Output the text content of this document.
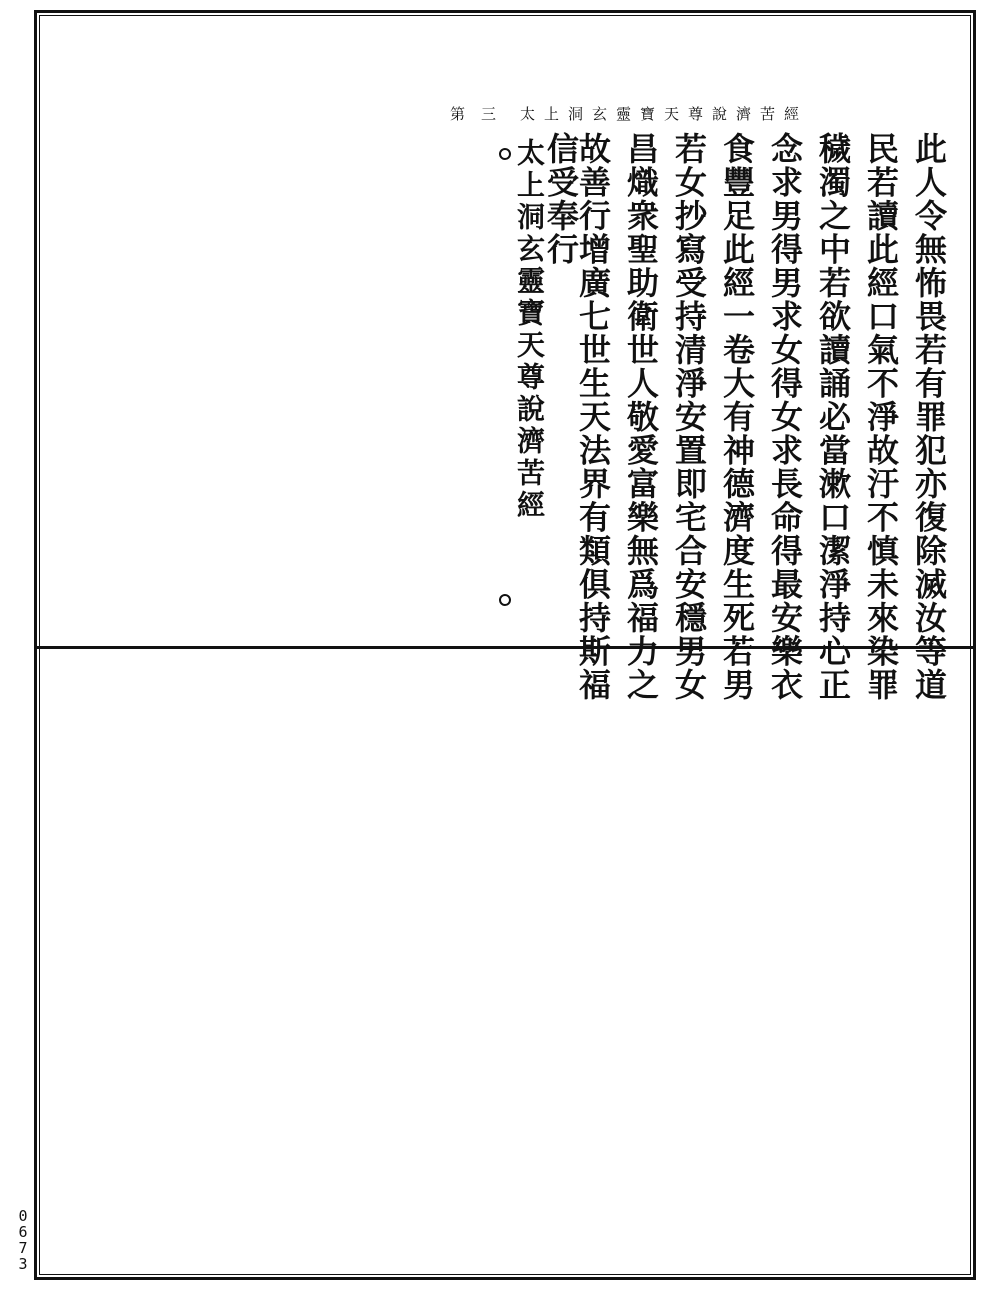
太上洞玄靈寶天尊說濟苦經
第三
此人令無怖畏若有罪犯亦復除滅汝等道
民若讀此經口氣不淨故汙不慎未來染罪
穢濁之中若欲讀誦必當漱口潔淨持心正
念求男得男求女得女求長命得最安樂衣
食豐足此經一卷大有神德濟度生死若男
若女抄寫受持清淨安置即宅合安穩男女
昌熾衆聖助衛世人敬愛富樂無爲福力之
故善行增廣七世生天法界有類俱持斯福
信受奉行
太上洞玄靈寶天尊說濟苦經
0
6
7
3
